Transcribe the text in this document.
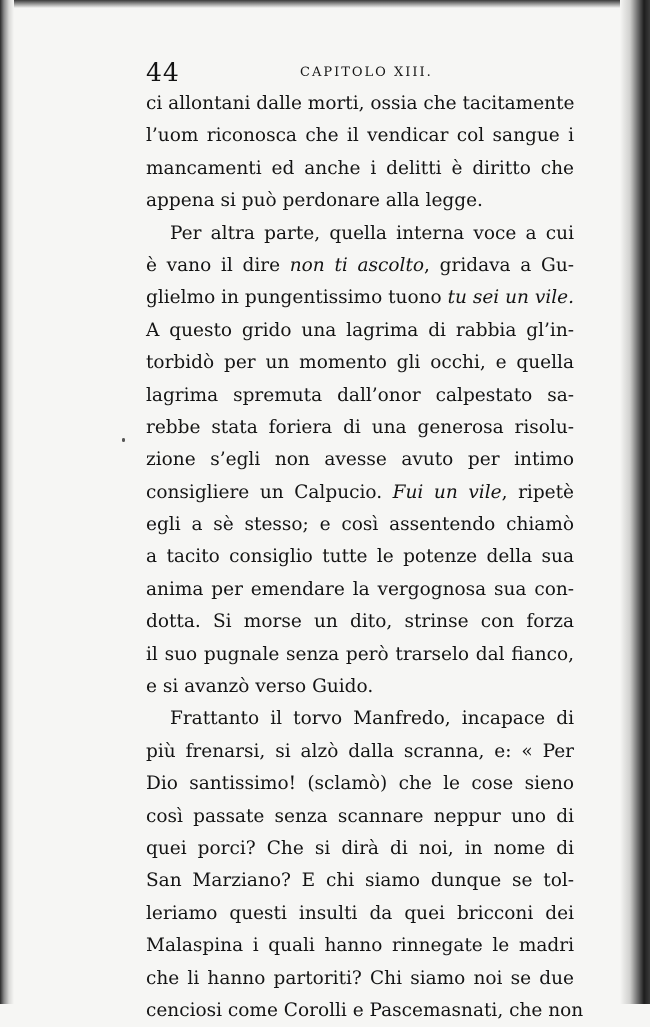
44	CAPITOLO XIII.
ci allontani dalle morti, ossia che tacitamente
l’uom riconosca che il vendicar col sangue i
mancamenti ed anche i delitti è diritto che
appena si può perdonare alla legge.
Per altra parte, quella interna voce a cui
è vano il dire non ti ascolto, gridava a Gu-
glielmo in pungentissimo tuono tu sei un vile.
A questo grido una lagrima di rabbia gl’in-
torbidò per un momento gli occhi, e quella
lagrima spremuta dall’onor calpestato sa-
rebbe stata foriera di una generosa risolu-
zione s’egli non avesse avuto per intimo
consigliere un Calpucio. Fui un vile, ripetè
egli a sè stesso; e così assentendo chiamò
a tacito consiglio tutte le potenze della sua
anima per emendare la vergognosa sua con-
dotta. Si morse un dito, strinse con forza
il suo pugnale senza però trarselo dal fianco,
e si avanzò verso Guido.
Frattanto il torvo Manfredo, incapace di
più frenarsi, si alzò dalla scranna, e: « Per
Dio santissimo! (sclamò) che le cose sieno
così passate senza scannare neppur uno di
quei porci? Che si dirà di noi, in nome di
San Marziano? E chi siamo dunque se tol-
leriamo questi insulti da quei bricconi dei
Malaspina i quali hanno rinnegate le madri
che li hanno partoriti? Chi siamo noi se due
cenciosi come Corolli e Pascemasnati, che non
